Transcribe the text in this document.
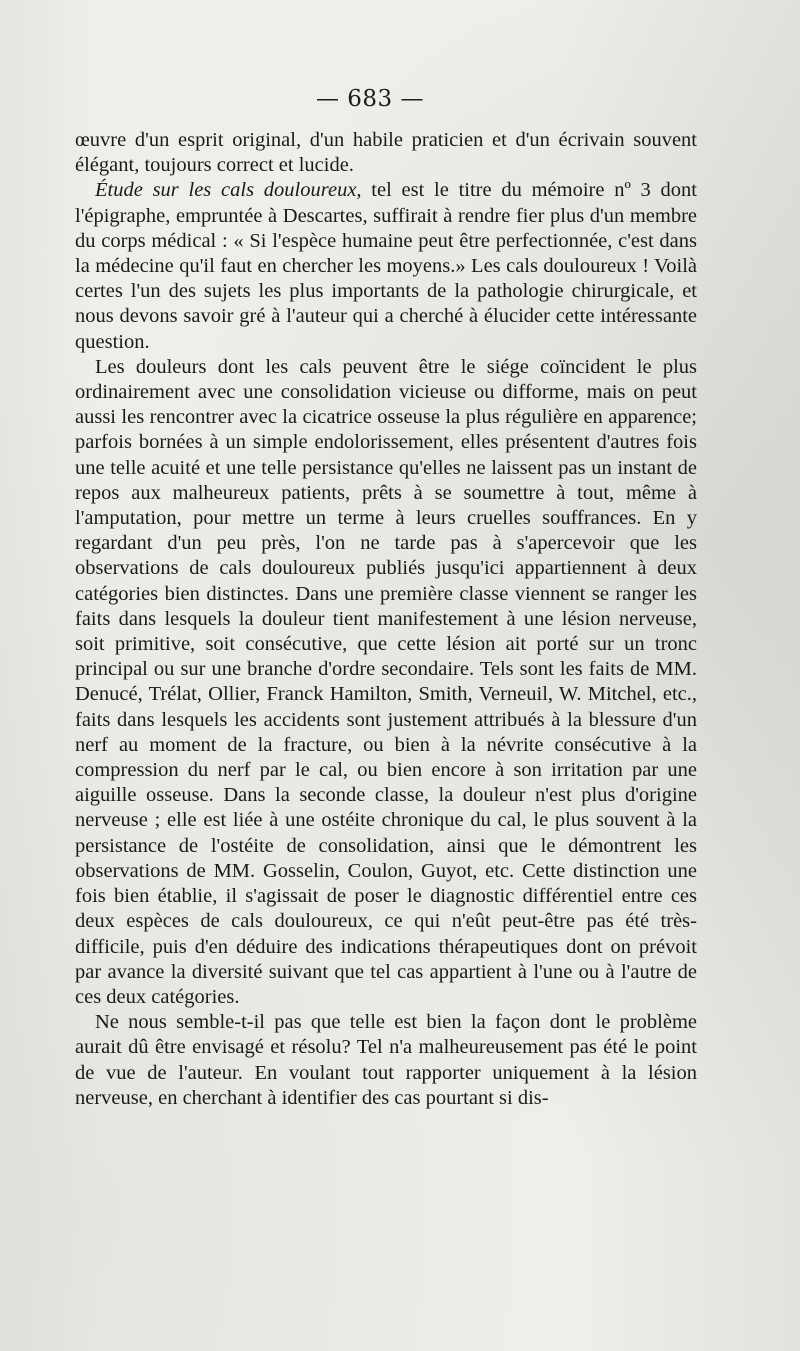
— 683 —

œuvre d'un esprit original, d'un habile praticien et d'un écrivain souvent élégant, toujours correct et lucide.

Étude sur les cals douloureux, tel est le titre du mémoire nº 3 dont l'épigraphe, empruntée à Descartes, suffirait à rendre fier plus d'un membre du corps médical : « Si l'espèce humaine peut être perfectionnée, c'est dans la médecine qu'il faut en chercher les moyens.» Les cals douloureux ! Voilà certes l'un des sujets les plus importants de la pathologie chirurgicale, et nous devons savoir gré à l'auteur qui a cherché à élucider cette intéressante question.

Les douleurs dont les cals peuvent être le siége coïncident le plus ordinairement avec une consolidation vicieuse ou difforme, mais on peut aussi les rencontrer avec la cicatrice osseuse la plus régulière en apparence; parfois bornées à un simple endolorissement, elles présentent d'autres fois une telle acuité et une telle persistance qu'elles ne laissent pas un instant de repos aux malheureux patients, prêts à se soumettre à tout, même à l'amputation, pour mettre un terme à leurs cruelles souffrances. En y regardant d'un peu près, l'on ne tarde pas à s'apercevoir que les observations de cals douloureux publiés jusqu'ici appartiennent à deux catégories bien distinctes. Dans une première classe viennent se ranger les faits dans lesquels la douleur tient manifestement à une lésion nerveuse, soit primitive, soit consécutive, que cette lésion ait porté sur un tronc principal ou sur une branche d'ordre secondaire. Tels sont les faits de MM. Denucé, Trélat, Ollier, Franck Hamilton, Smith, Verneuil, W. Mitchel, etc., faits dans lesquels les accidents sont justement attribués à la blessure d'un nerf au moment de la fracture, ou bien à la névrite consécutive à la compression du nerf par le cal, ou bien encore à son irritation par une aiguille osseuse. Dans la seconde classe, la douleur n'est plus d'origine nerveuse ; elle est liée à une ostéite chronique du cal, le plus souvent à la persistance de l'ostéite de consolidation, ainsi que le démontrent les observations de MM. Gosselin, Coulon, Guyot, etc. Cette distinction une fois bien établie, il s'agissait de poser le diagnostic différentiel entre ces deux espèces de cals douloureux, ce qui n'eût peut-être pas été très-difficile, puis d'en déduire des indications thérapeutiques dont on prévoit par avance la diversité suivant que tel cas appartient à l'une ou à l'autre de ces deux catégories.

Ne nous semble-t-il pas que telle est bien la façon dont le problème aurait dû être envisagé et résolu? Tel n'a malheureusement pas été le point de vue de l'auteur. En voulant tout rapporter uniquement à la lésion nerveuse, en cherchant à identifier des cas pourtant si dis-
